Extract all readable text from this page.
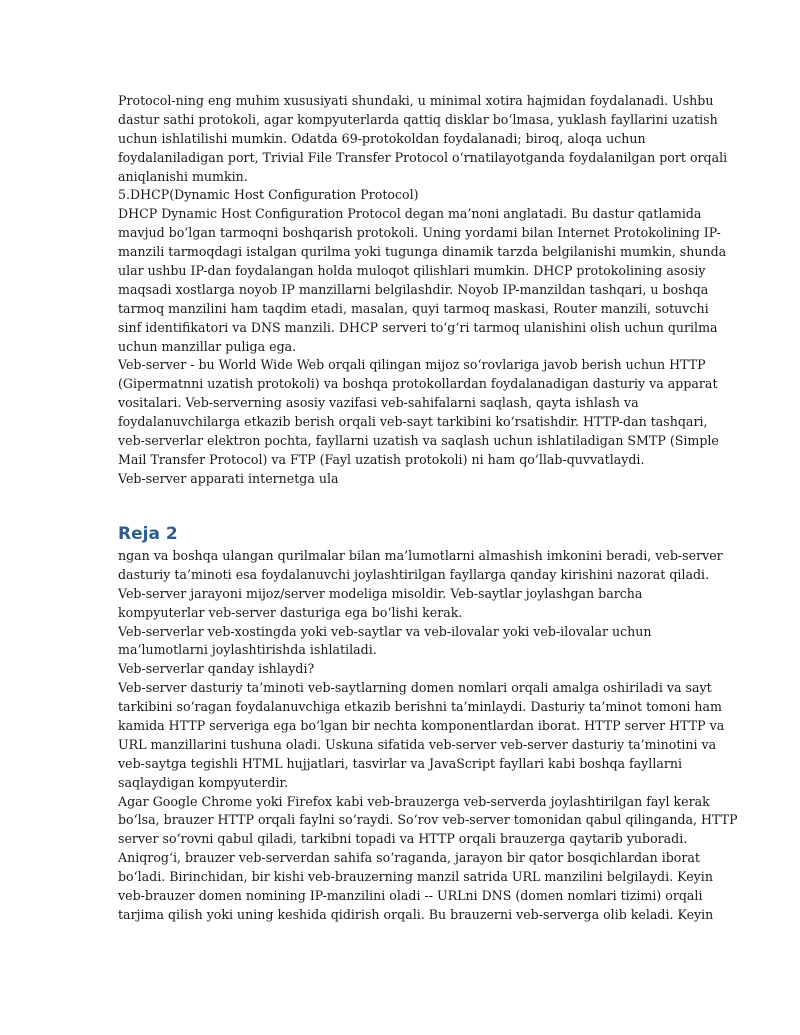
Protocol-ning eng muhim xususiyati shundaki, u minimal xotira hajmidan foydalanadi. Ushbu
dastur sathi protokoli, agar kompyuterlarda qattiq disklar bo‘lmasa, yuklash fayllarini uzatish
uchun ishlatilishi mumkin. Odatda 69-protokoldan foydalanadi; biroq, aloqa uchun
foydalaniladigan port, Trivial File Transfer Protocol o‘rnatilayotganda foydalanilgan port orqali
aniqlanishi mumkin.
5.DHCP(Dynamic Host Configuration Protocol)
DHCP Dynamic Host Configuration Protocol degan ma’noni anglatadi. Bu dastur qatlamida
mavjud bo‘lgan tarmoqni boshqarish protokoli. Uning yordami bilan Internet Protokolining IP-
manzili tarmoqdagi istalgan qurilma yoki tugunga dinamik tarzda belgilanishi mumkin, shunda
ular ushbu IP-dan foydalangan holda muloqot qilishlari mumkin. DHCP protokolining asosiy
maqsadi xostlarga noyob IP manzillarni belgilashdir. Noyob IP-manzildan tashqari, u boshqa
tarmoq manzilini ham taqdim etadi, masalan, quyi tarmoq maskasi, Router manzili, sotuvchi
sinf identifikatori va DNS manzili. DHCP serveri to‘g‘ri tarmoq ulanishini olish uchun qurilma
uchun manzillar puliga ega.
Veb-server - bu World Wide Web orqali qilingan mijoz so‘rovlariga javob berish uchun HTTP
(Gipermatnni uzatish protokoli) va boshqa protokollardan foydalanadigan dasturiy va apparat
vositalari. Veb-serverning asosiy vazifasi veb-sahifalarni saqlash, qayta ishlash va
foydalanuvchilarga etkazib berish orqali veb-sayt tarkibini ko‘rsatishdir. HTTP-dan tashqari,
veb-serverlar elektron pochta, fayllarni uzatish va saqlash uchun ishlatiladigan SMTP (Simple
Mail Transfer Protocol) va FTP (Fayl uzatish protokoli) ni ham qo‘llab-quvvatlaydi.
Veb-server apparati internetga ula
Reja 2
ngan va boshqa ulangan qurilmalar bilan ma’lumotlarni almashish imkonini beradi, veb-server
dasturiy ta’minoti esa foydalanuvchi joylashtirilgan fayllarga qanday kirishini nazorat qiladi.
Veb-server jarayoni mijoz/server modeliga misoldir. Veb-saytlar joylashgan barcha
kompyuterlar veb-server dasturiga ega bo‘lishi kerak.
Veb-serverlar veb-xostingda yoki veb-saytlar va veb-ilovalar yoki veb-ilovalar uchun
ma’lumotlarni joylashtirishda ishlatiladi.
Veb-serverlar qanday ishlaydi?
Veb-server dasturiy ta’minoti veb-saytlarning domen nomlari orqali amalga oshiriladi va sayt
tarkibini so‘ragan foydalanuvchiga etkazib berishni ta’minlaydi. Dasturiy ta’minot tomoni ham
kamida HTTP serveriga ega bo‘lgan bir nechta komponentlardan iborat. HTTP server HTTP va
URL manzillarini tushuna oladi. Uskuna sifatida veb-server veb-server dasturiy ta’minotini va
veb-saytga tegishli HTML hujjatlari, tasvirlar va JavaScript fayllari kabi boshqa fayllarni
saqlaydigan kompyuterdir.
Agar Google Chrome yoki Firefox kabi veb-brauzerga veb-serverda joylashtirilgan fayl kerak
bo‘lsa, brauzer HTTP orqali faylni so‘raydi. So‘rov veb-server tomonidan qabul qilinganda, HTTP
server so‘rovni qabul qiladi, tarkibni topadi va HTTP orqali brauzerga qaytarib yuboradi.
Aniqrog‘i, brauzer veb-serverdan sahifa so‘raganda, jarayon bir qator bosqichlardan iborat
bo‘ladi. Birinchidan, bir kishi veb-brauzerning manzil satrida URL manzilini belgilaydi. Keyin
veb-brauzer domen nomining IP-manzilini oladi -- URLni DNS (domen nomlari tizimi) orqali
tarjima qilish yoki uning keshida qidirish orqali. Bu brauzerni veb-serverga olib keladi. Keyin
